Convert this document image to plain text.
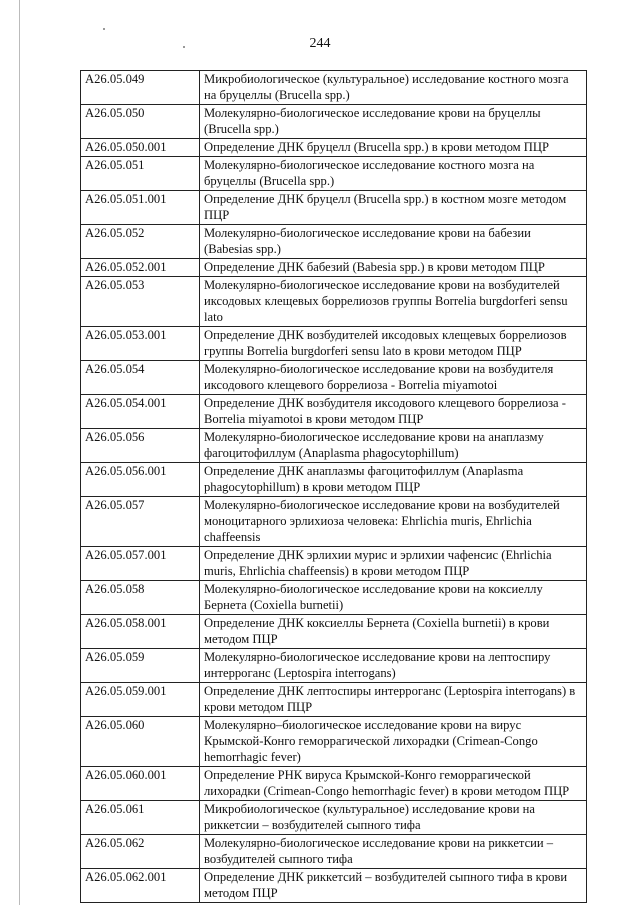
244
A26.05.049	Микробиологическое (культуральное) исследование костного мозга на бруцеллы (Brucella spp.)
A26.05.050	Молекулярно-биологическое исследование крови на бруцеллы (Brucella spp.)
A26.05.050.001	Определение ДНК бруцелл (Brucella spp.) в крови методом ПЦР
A26.05.051	Молекулярно-биологическое исследование костного мозга на бруцеллы (Brucella spp.)
A26.05.051.001	Определение ДНК бруцелл (Brucella spp.) в костном мозге методом ПЦР
A26.05.052	Молекулярно-биологическое исследование крови на бабезии (Babesias spp.)
A26.05.052.001	Определение ДНК бабезий (Babesia spp.) в крови методом ПЦР
A26.05.053	Молекулярно-биологическое исследование крови на возбудителей иксодовых клещевых боррелиозов группы Borrelia burgdorferi sensu lato
A26.05.053.001	Определение ДНК возбудителей иксодовых клещевых боррелиозов группы Borrelia burgdorferi sensu lato в крови методом ПЦР
A26.05.054	Молекулярно-биологическое исследование крови на возбудителя иксодового клещевого боррелиоза - Borrelia miyamotoi
A26.05.054.001	Определение ДНК возбудителя иксодового клещевого боррелиоза - Borrelia miyamotoi в крови методом ПЦР
A26.05.056	Молекулярно-биологическое исследование крови на анаплазму фагоцитофиллум (Anaplasma phagocytophillum)
A26.05.056.001	Определение ДНК анаплазмы фагоцитофиллум (Anaplasma phagocytophillum) в крови методом ПЦР
A26.05.057	Молекулярно-биологическое исследование крови на возбудителей моноцитарного эрлихиоза человека: Ehrlichia muris, Ehrlichia chaffeensis
A26.05.057.001	Определение ДНК эрлихии мурис и эрлихии чафенсис (Ehrlichia muris, Ehrlichia chaffeensis) в крови методом ПЦР
A26.05.058	Молекулярно-биологическое исследование крови на коксиеллу Бернета (Coxiella burnetii)
A26.05.058.001	Определение ДНК коксиеллы Бернета (Coxiella burnetii) в крови методом ПЦР
A26.05.059	Молекулярно-биологическое исследование крови на лептоспиру интерроганс (Leptospira interrogans)
A26.05.059.001	Определение ДНК лептоспиры интерроганс (Leptospira interrogans) в крови методом ПЦР
A26.05.060	Молекулярно–биологическое исследование крови на вирус Крымской-Конго геморрагической лихорадки (Crimean-Congo hemorrhagic fever)
A26.05.060.001	Определение РНК вируса Крымской-Конго геморрагической лихорадки (Crimean-Congo hemorrhagic fever) в крови методом ПЦР
A26.05.061	Микробиологическое (культуральное) исследование крови на риккетсии – возбудителей сыпного тифа
A26.05.062	Молекулярно-биологическое исследование крови на риккетсии – возбудителей сыпного тифа
A26.05.062.001	Определение ДНК риккетсий – возбудителей сыпного тифа в крови методом ПЦР
